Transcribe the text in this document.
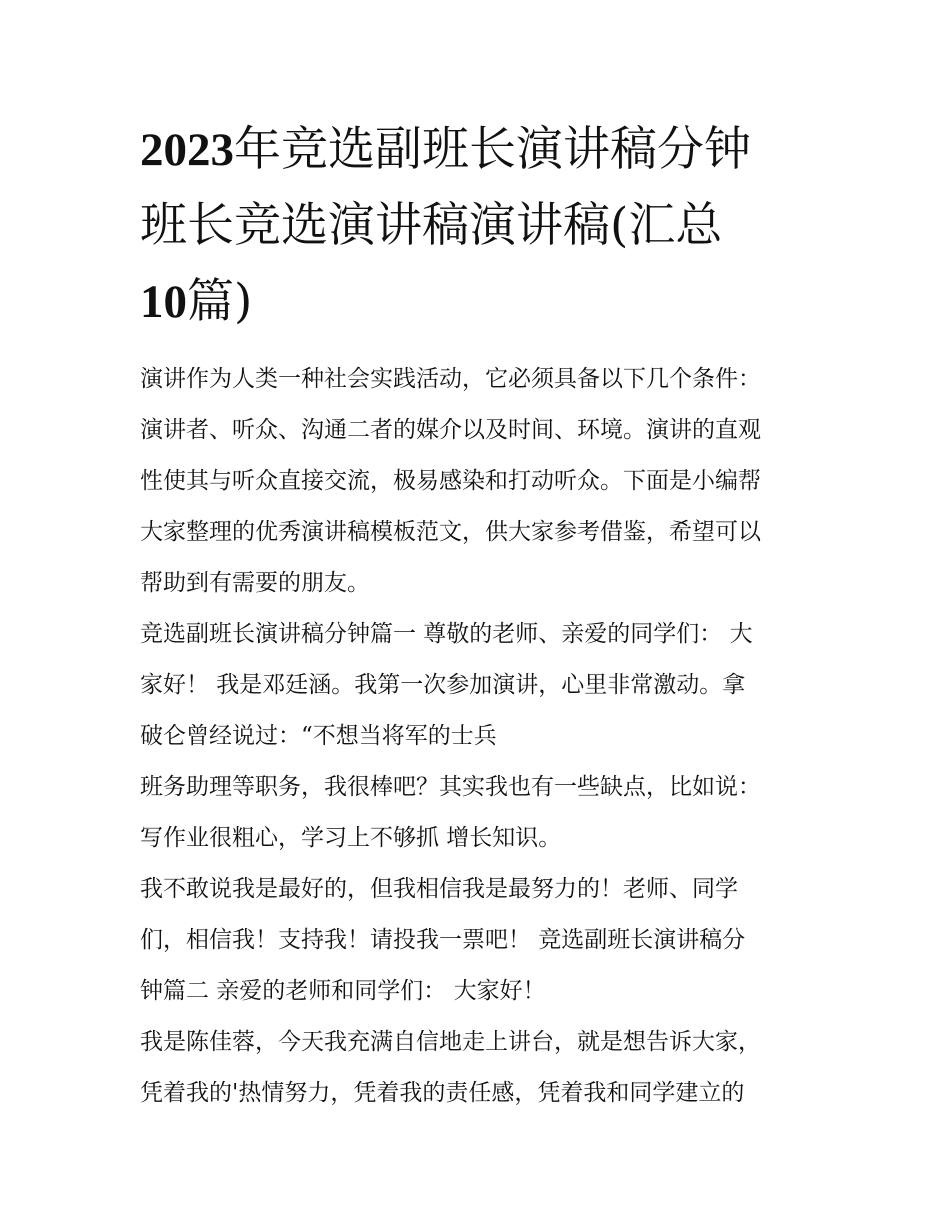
2023年竞选副班长演讲稿分钟
班长竞选演讲稿演讲稿(汇总
10篇)

演讲作为人类一种社会实践活动，它必须具备以下几个条件：
演讲者、听众、沟通二者的媒介以及时间、环境。演讲的直观
性使其与听众直接交流，极易感染和打动听众。下面是小编帮
大家整理的优秀演讲稿模板范文，供大家参考借鉴，希望可以
帮助到有需要的朋友。

竞选副班长演讲稿分钟篇一 尊敬的老师、亲爱的同学们： 大
家好！ 我是邓廷涵。我第一次参加演讲，心里非常激动。拿
破仑曾经说过：“不想当将军的士兵

班务助理等职务，我很棒吧？其实我也有一些缺点，比如说：
写作业很粗心，学习上不够抓 增长知识。

我不敢说我是最好的，但我相信我是最努力的！老师、同学
们，相信我！支持我！请投我一票吧！ 竞选副班长演讲稿分
钟篇二 亲爱的老师和同学们： 大家好！

我是陈佳蓉，今天我充满自信地走上讲台，就是想告诉大家，
凭着我的'热情努力，凭着我的责任感，凭着我和同学建立的
